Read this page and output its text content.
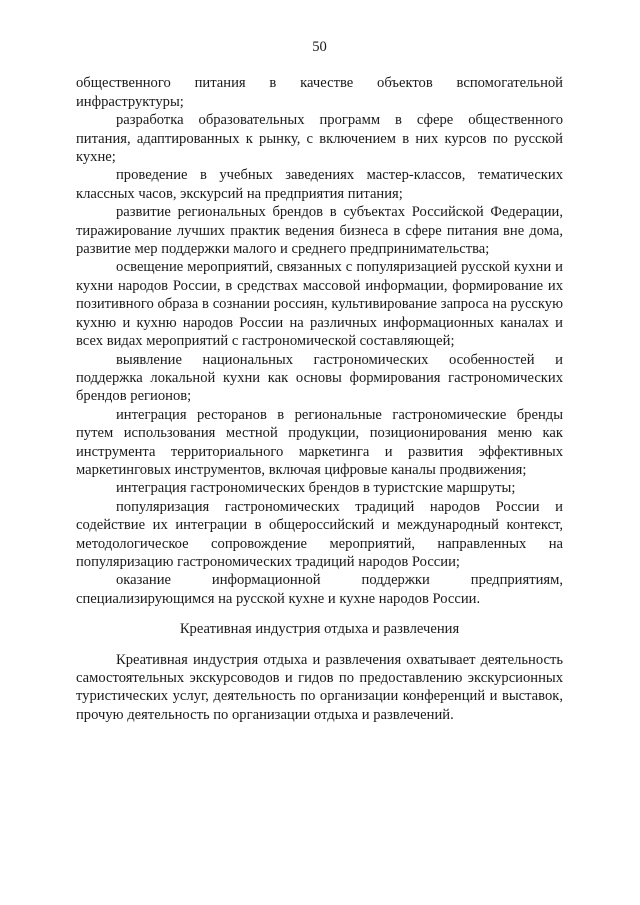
50

общественного питания в качестве объектов вспомогательной инфраструктуры;

разработка образовательных программ в сфере общественного питания, адаптированных к рынку, с включением в них курсов по русской кухне;

проведение в учебных заведениях мастер-классов, тематических классных часов, экскурсий на предприятия питания;

развитие региональных брендов в субъектах Российской Федерации, тиражирование лучших практик ведения бизнеса в сфере питания вне дома, развитие мер поддержки малого и среднего предпринимательства;

освещение мероприятий, связанных с популяризацией русской кухни и кухни народов России, в средствах массовой информации, формирование их позитивного образа в сознании россиян, культивирование запроса на русскую кухню и кухню народов России на различных информационных каналах и всех видах мероприятий с гастрономической составляющей;

выявление национальных гастрономических особенностей и поддержка локальной кухни как основы формирования гастрономических брендов регионов;

интеграция ресторанов в региональные гастрономические бренды путем использования местной продукции, позиционирования меню как инструмента территориального маркетинга и развития эффективных маркетинговых инструментов, включая цифровые каналы продвижения;

интеграция гастрономических брендов в туристские маршруты;

популяризация гастрономических традиций народов России и содействие их интеграции в общероссийский и международный контекст, методологическое сопровождение мероприятий, направленных на популяризацию гастрономических традиций народов России;

оказание информационной поддержки предприятиям, специализирующимся на русской кухне и кухне народов России.

Креативная индустрия отдыха и развлечения

Креативная индустрия отдыха и развлечения охватывает деятельность самостоятельных экскурсоводов и гидов по предоставлению экскурсионных туристических услуг, деятельность по организации конференций и выставок, прочую деятельность по организации отдыха и развлечений.
